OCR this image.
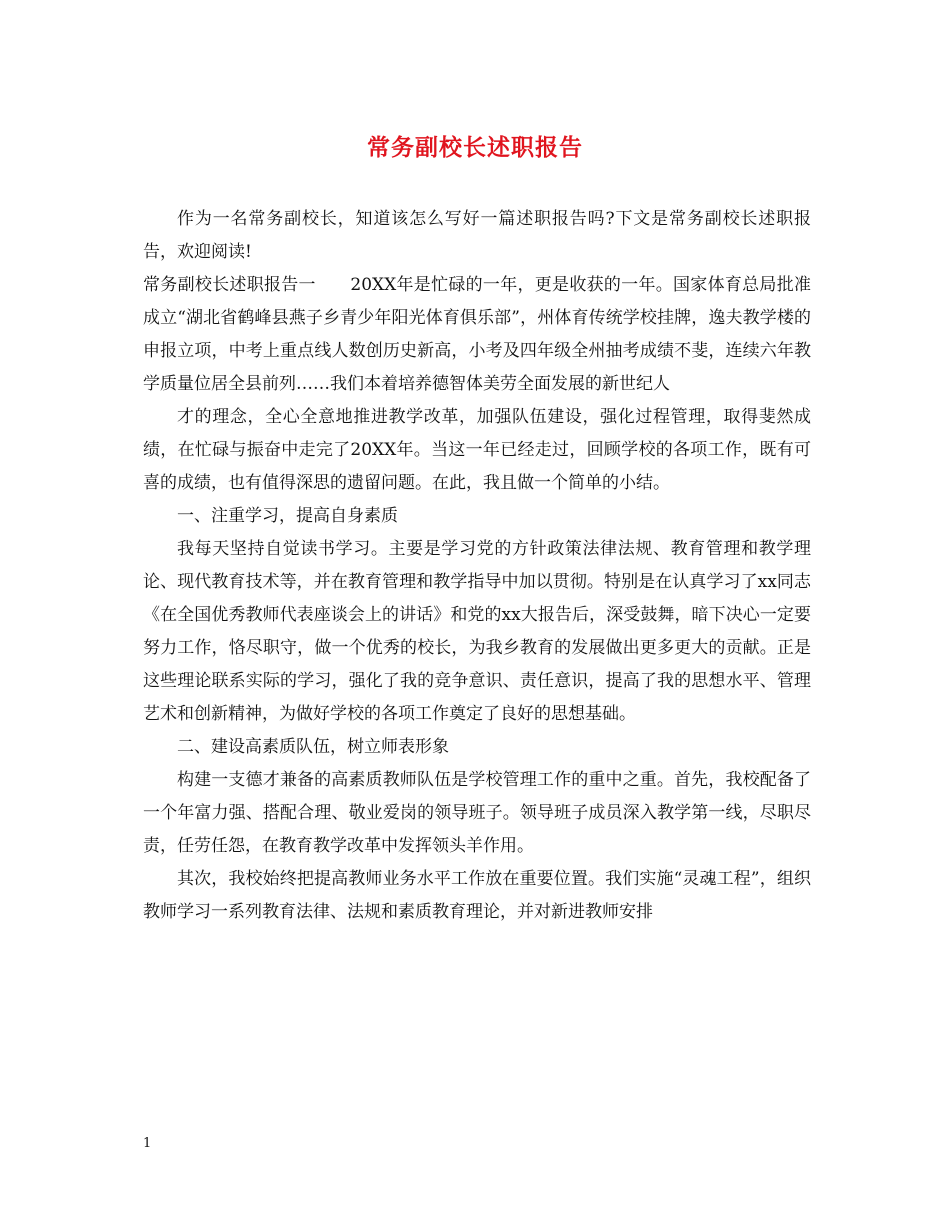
常务副校长述职报告

作为一名常务副校长，知道该怎么写好一篇述职报告吗?下文是常务副校长述职报告，欢迎阅读!

常务副校长述职报告一　　20XX年是忙碌的一年，更是收获的一年。国家体育总局批准成立“湖北省鹤峰县燕子乡青少年阳光体育俱乐部”，州体育传统学校挂牌，逸夫教学楼的申报立项，中考上重点线人数创历史新高，小考及四年级全州抽考成绩不斐，连续六年教学质量位居全县前列……我们本着培养德智体美劳全面发展的新世纪人

才的理念，全心全意地推进教学改革，加强队伍建设，强化过程管理，取得斐然成绩，在忙碌与振奋中走完了20XX年。当这一年已经走过，回顾学校的各项工作，既有可喜的成绩，也有值得深思的遗留问题。在此，我且做一个简单的小结。

一、注重学习，提高自身素质

我每天坚持自觉读书学习。主要是学习党的方针政策法律法规、教育管理和教学理论、现代教育技术等，并在教育管理和教学指导中加以贯彻。特别是在认真学习了xx同志《在全国优秀教师代表座谈会上的讲话》和党的xx大报告后，深受鼓舞，暗下决心一定要努力工作，恪尽职守，做一个优秀的校长，为我乡教育的发展做出更多更大的贡献。正是这些理论联系实际的学习，强化了我的竞争意识、责任意识，提高了我的思想水平、管理艺术和创新精神，为做好学校的各项工作奠定了良好的思想基础。

二、建设高素质队伍，树立师表形象

构建一支德才兼备的高素质教师队伍是学校管理工作的重中之重。首先，我校配备了一个年富力强、搭配合理、敬业爱岗的领导班子。领导班子成员深入教学第一线，尽职尽责，任劳任怨，在教育教学改革中发挥领头羊作用。

其次，我校始终把提高教师业务水平工作放在重要位置。我们实施“灵魂工程”，组织教师学习一系列教育法律、法规和素质教育理论，并对新进教师安排

1
